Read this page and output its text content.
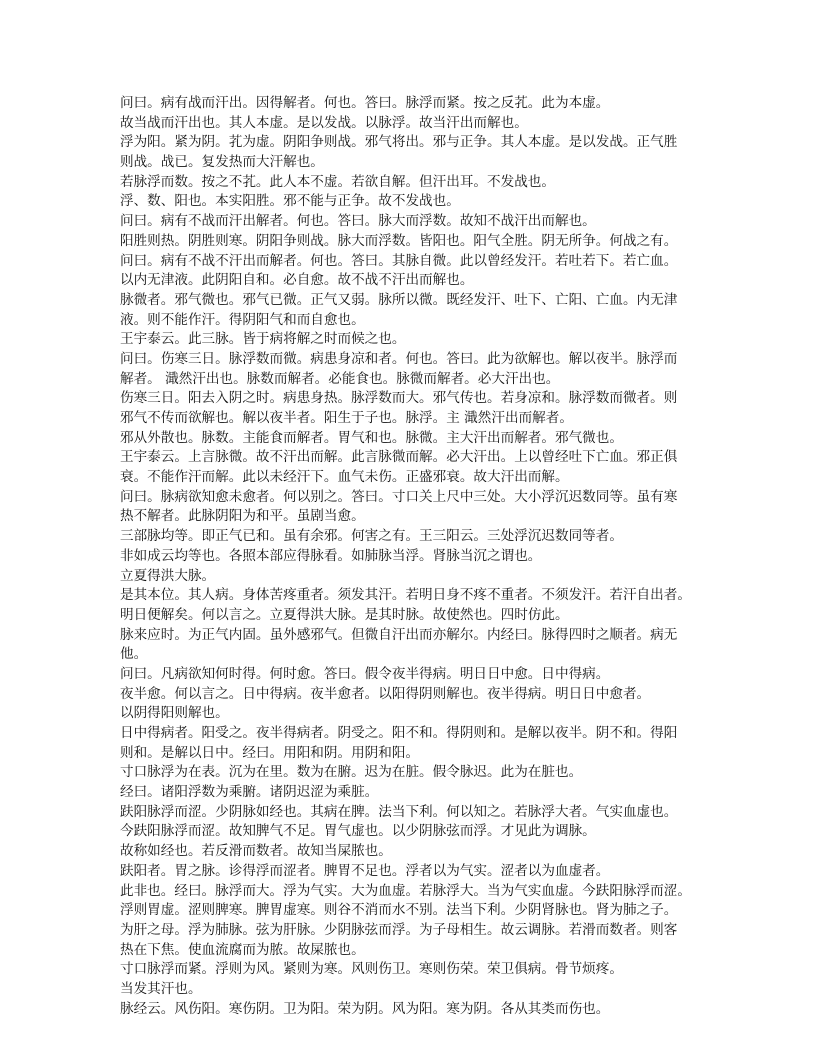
问曰。病有战而汗出。因得解者。何也。答曰。脉浮而紧。按之反芤。此为本虚。
故当战而汗出也。其人本虚。是以发战。以脉浮。故当汗出而解也。
浮为阳。紧为阴。芤为虚。阴阳争则战。邪气将出。邪与正争。其人本虚。是以发战。正气胜
则战。战已。复发热而大汗解也。
若脉浮而数。按之不芤。此人本不虚。若欲自解。但汗出耳。不发战也。
浮、数、阳也。本实阳胜。邪不能与正争。故不发战也。
问曰。病有不战而汗出解者。何也。答曰。脉大而浮数。故知不战汗出而解也。
阳胜则热。阴胜则寒。阴阳争则战。脉大而浮数。皆阳也。阳气全胜。阴无所争。何战之有。
问曰。病有不战不汗出而解者。何也。答曰。其脉自微。此以曾经发汗。若吐若下。若亡血。
以内无津液。此阴阳自和。必自愈。故不战不汗出而解也。
脉微者。邪气微也。邪气已微。正气又弱。脉所以微。既经发汗、吐下、亡阳、亡血。内无津
液。则不能作汗。得阴阳气和而自愈也。
王宇泰云。此三脉。皆于病将解之时而候之也。
问曰。伤寒三日。脉浮数而微。病患身凉和者。何也。答曰。此为欲解也。解以夜半。脉浮而
解者。 濈然汗出也。脉数而解者。必能食也。脉微而解者。必大汗出也。
伤寒三日。阳去入阴之时。病患身热。脉浮数而大。邪气传也。若身凉和。脉浮数而微者。则
邪气不传而欲解也。解以夜半者。阳生于子也。脉浮。主 濈然汗出而解者。
邪从外散也。脉数。主能食而解者。胃气和也。脉微。主大汗出而解者。邪气微也。
王宇泰云。上言脉微。故不汗出而解。此言脉微而解。必大汗出。上以曾经吐下亡血。邪正俱
衰。不能作汗而解。此以未经汗下。血气未伤。正盛邪衰。故大汗出而解。
问曰。脉病欲知愈未愈者。何以别之。答曰。寸口关上尺中三处。大小浮沉迟数同等。虽有寒
热不解者。此脉阴阳为和平。虽剧当愈。
三部脉均等。即正气已和。虽有余邪。何害之有。王三阳云。三处浮沉迟数同等者。
非如成云均等也。各照本部应得脉看。如肺脉当浮。肾脉当沉之谓也。
立夏得洪大脉。
是其本位。其人病。身体苦疼重者。须发其汗。若明日身不疼不重者。不须发汗。若汗自出者。
明日便解矣。何以言之。立夏得洪大脉。是其时脉。故使然也。四时仿此。
脉来应时。为正气内固。虽外感邪气。但微自汗出而亦解尔。内经曰。脉得四时之顺者。病无
他。
问曰。凡病欲知何时得。何时愈。答曰。假令夜半得病。明日日中愈。日中得病。
夜半愈。何以言之。日中得病。夜半愈者。以阳得阴则解也。夜半得病。明日日中愈者。
以阴得阳则解也。
日中得病者。阳受之。夜半得病者。阴受之。阳不和。得阴则和。是解以夜半。阴不和。得阳
则和。是解以日中。经曰。用阳和阴。用阴和阳。
寸口脉浮为在表。沉为在里。数为在腑。迟为在脏。假令脉迟。此为在脏也。
经曰。诸阳浮数为乘腑。诸阴迟涩为乘脏。
趺阳脉浮而涩。少阴脉如经也。其病在脾。法当下利。何以知之。若脉浮大者。气实血虚也。
今趺阳脉浮而涩。故知脾气不足。胃气虚也。以少阴脉弦而浮。才见此为调脉。
故称如经也。若反滑而数者。故知当屎脓也。
趺阳者。胃之脉。诊得浮而涩者。脾胃不足也。浮者以为气实。涩者以为血虚者。
此非也。经曰。脉浮而大。浮为气实。大为血虚。若脉浮大。当为气实血虚。今趺阳脉浮而涩。
浮则胃虚。涩则脾寒。脾胃虚寒。则谷不消而水不别。法当下利。少阴肾脉也。肾为肺之子。
为肝之母。浮为肺脉。弦为肝脉。少阴脉弦而浮。为子母相生。故云调脉。若滑而数者。则客
热在下焦。使血流腐而为脓。故屎脓也。
寸口脉浮而紧。浮则为风。紧则为寒。风则伤卫。寒则伤荣。荣卫俱病。骨节烦疼。
当发其汗也。
脉经云。风伤阳。寒伤阴。卫为阳。荣为阴。风为阳。寒为阴。各从其类而伤也。
